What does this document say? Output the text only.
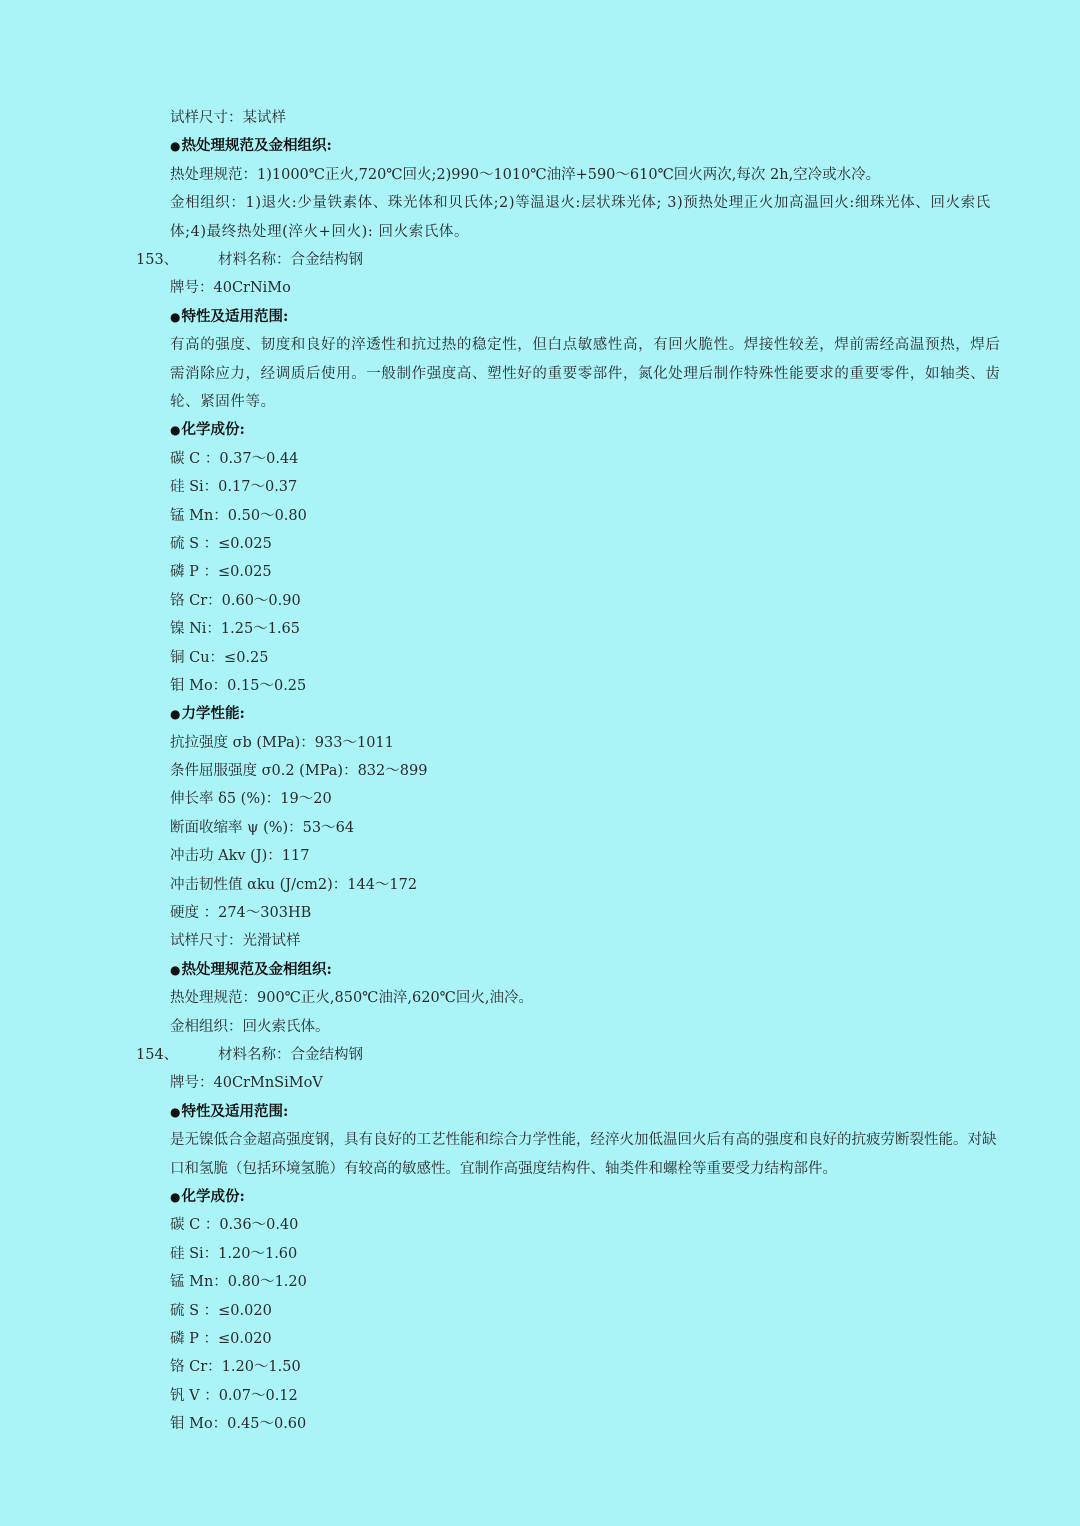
试样尺寸：某试样
●热处理规范及金相组织:
热处理规范：1)1000℃正火,720℃回火;2)990～1010℃油淬+590～610℃回火两次,每次 2h,空冷或水冷。
金相组织：1)退火:少量铁素体、珠光体和贝氏体;2)等温退火:层状珠光体; 3)预热处理正火加高温回火:细珠光体、回火索氏体;4)最终热处理(淬火+回火): 回火索氏体。
153、	材料名称：合金结构钢
牌号：40CrNiMo
●特性及适用范围:
有高的强度、韧度和良好的淬透性和抗过热的稳定性，但白点敏感性高，有回火脆性。焊接性较差，焊前需经高温预热，焊后需消除应力，经调质后使用。一般制作强度高、塑性好的重要零部件，氮化处理后制作特殊性能要求的重要零件，如轴类、齿轮、紧固件等。
●化学成份:
碳 C ：0.37～0.44
硅 Si：0.17～0.37
锰 Mn：0.50～0.80
硫 S ：≤0.025
磷 P ：≤0.025
铬 Cr：0.60～0.90
镍 Ni：1.25～1.65
铜 Cu：≤0.25
钼 Mo：0.15～0.25
●力学性能:
抗拉强度 σb (MPa)：933～1011
条件屈服强度 σ0.2 (MPa)：832～899
伸长率 δ5 (%)：19～20
断面收缩率 ψ (%)：53～64
冲击功 Akv (J)：117
冲击韧性值 αku (J/cm2)：144～172
硬度 ：274～303HB
试样尺寸：光滑试样
●热处理规范及金相组织:
热处理规范：900℃正火,850℃油淬,620℃回火,油冷。
金相组织：回火索氏体。
154、	材料名称：合金结构钢
牌号：40CrMnSiMoV
●特性及适用范围:
是无镍低合金超高强度钢，具有良好的工艺性能和综合力学性能，经淬火加低温回火后有高的强度和良好的抗疲劳断裂性能。对缺口和氢脆（包括环境氢脆）有较高的敏感性。宜制作高强度结构件、轴类件和螺栓等重要受力结构部件。
●化学成份:
碳 C ：0.36～0.40
硅 Si：1.20～1.60
锰 Mn：0.80～1.20
硫 S ：≤0.020
磷 P ：≤0.020
铬 Cr：1.20～1.50
钒 V ：0.07～0.12
钼 Mo：0.45～0.60
